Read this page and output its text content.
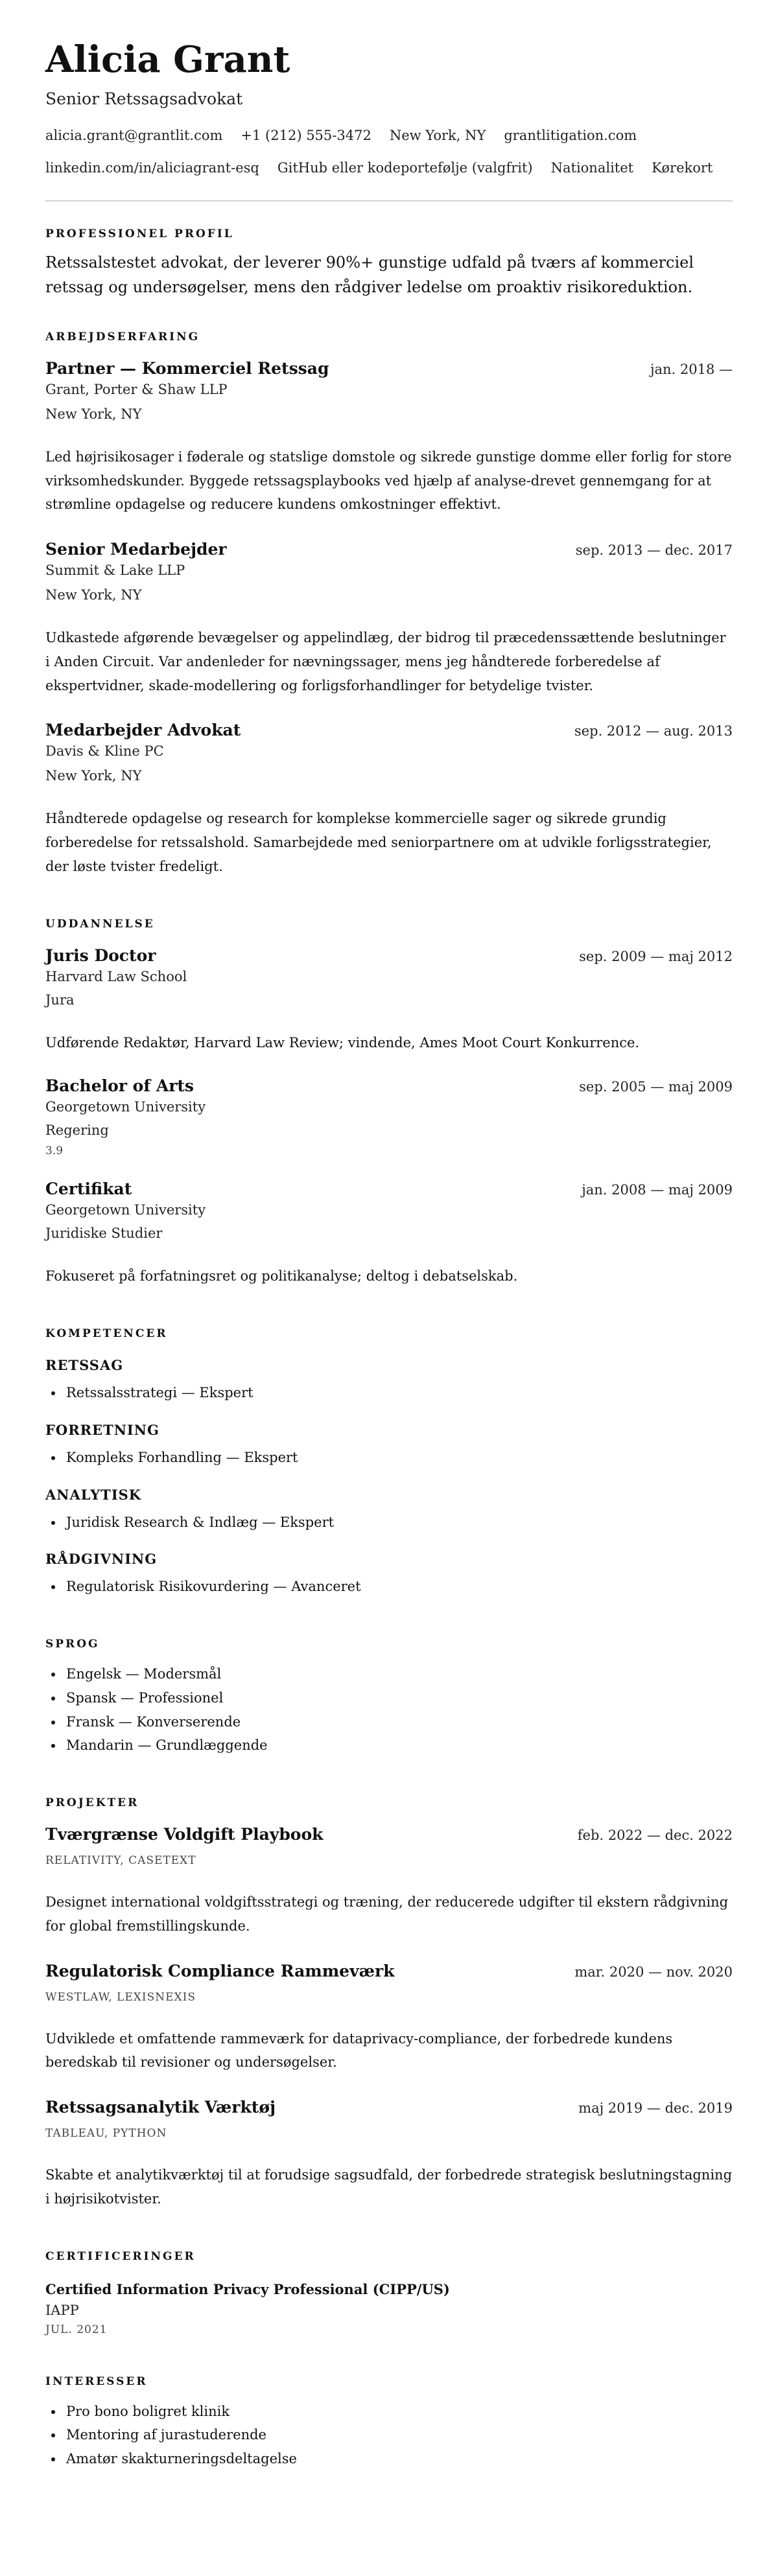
Alicia Grant
Senior Retssagsadvokat
alicia.grant@grantlit.com +1 (212) 555-3472 New York, NY grantlitigation.com
linkedin.com/in/aliciagrant-esq GitHub eller kodeportefølje (valgfrit) Nationalitet Kørekort
PROFESSIONEL PROFIL
Retssalstestet advokat, der leverer 90%+ gunstige udfald på tværs af kommerciel retssag og undersøgelser, mens den rådgiver ledelse om proaktiv risikoreduktion.
ARBEJDSERFARING
Partner — Kommerciel Retssag	jan. 2018 —
Grant, Porter & Shaw LLP
New York, NY
Led højrisikosager i føderale og statslige domstole og sikrede gunstige domme eller forlig for store virksomhedskunder. Byggede retssagsplaybooks ved hjælp af analyse-drevet gennemgang for at strømline opdagelse og reducere kundens omkostninger effektivt.
Senior Medarbejder	sep. 2013 — dec. 2017
Summit & Lake LLP
New York, NY
Udkastede afgørende bevægelser og appelindlæg, der bidrog til præcedenssættende beslutninger i Anden Circuit. Var andenleder for nævningssager, mens jeg håndterede forberedelse af ekspertvidner, skade-modellering og forligsforhandlinger for betydelige tvister.
Medarbejder Advokat	sep. 2012 — aug. 2013
Davis & Kline PC
New York, NY
Håndterede opdagelse og research for komplekse kommercielle sager og sikrede grundig forberedelse for retssalshold. Samarbejdede med seniorpartnere om at udvikle forligsstrategier, der løste tvister fredeligt.
UDDANNELSE
Juris Doctor	sep. 2009 — maj 2012
Harvard Law School
Jura
Udførende Redaktør, Harvard Law Review; vindende, Ames Moot Court Konkurrence.
Bachelor of Arts	sep. 2005 — maj 2009
Georgetown University
Regering
3.9
Certifikat	jan. 2008 — maj 2009
Georgetown University
Juridiske Studier
Fokuseret på forfatningsret og politikanalyse; deltog i debatselskab.
KOMPETENCER
RETSSAG
• Retssalsstrategi — Ekspert
FORRETNING
• Kompleks Forhandling — Ekspert
ANALYTISK
• Juridisk Research & Indlæg — Ekspert
RÅDGIVNING
• Regulatorisk Risikovurdering — Avanceret
SPROG
• Engelsk — Modersmål
• Spansk — Professionel
• Fransk — Konverserende
• Mandarin — Grundlæggende
PROJEKTER
Tværgrænse Voldgift Playbook	feb. 2022 — dec. 2022
RELATIVITY, CASETEXT
Designet international voldgiftsstrategi og træning, der reducerede udgifter til ekstern rådgivning for global fremstillingskunde.
Regulatorisk Compliance Rammeværk	mar. 2020 — nov. 2020
WESTLAW, LEXISNEXIS
Udviklede et omfattende rammeværk for dataprivacy-compliance, der forbedrede kundens beredskab til revisioner og undersøgelser.
Retssagsanalytik Værktøj	maj 2019 — dec. 2019
TABLEAU, PYTHON
Skabte et analytikværktøj til at forudsige sagsudfald, der forbedrede strategisk beslutningstagning i højrisikotvister.
CERTIFICERINGER
Certified Information Privacy Professional (CIPP/US)
IAPP
JUL. 2021
INTERESSER
• Pro bono boligret klinik
• Mentoring af jurastuderende
• Amatør skakturneringsdeltagelse
